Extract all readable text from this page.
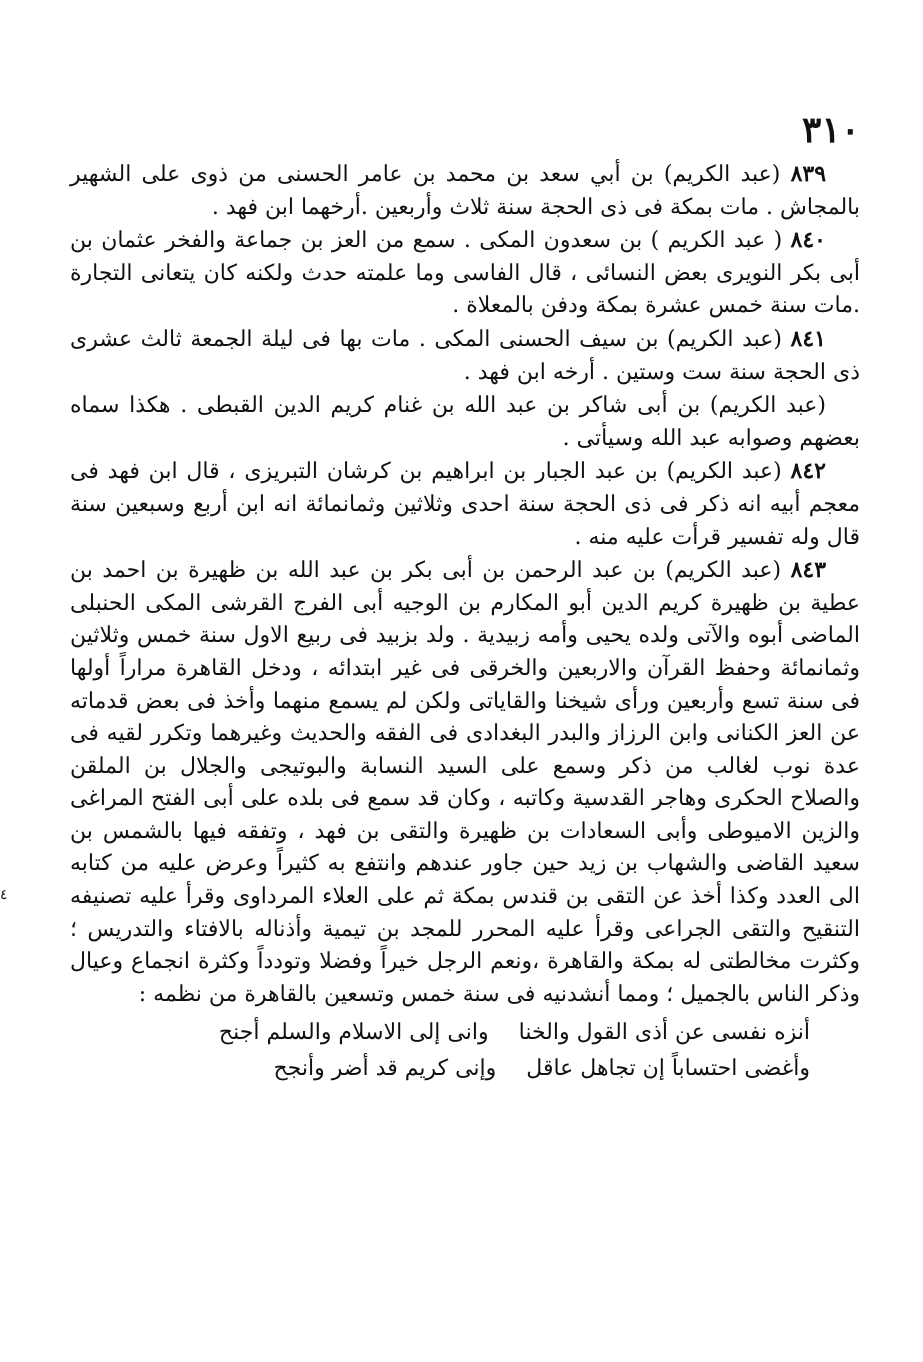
٣١٠

٨٣٩ (عبد الكريم) بن أبي سعد بن محمد بن عامر الحسنى من ذوى على الشهير بالمجاش . مات بمكة فى ذى الحجة سنة ثلاث وأربعين .أرخهما ابن فهد .

٨٤٠ ( عبد الكريم ) بن سعدون المكى . سمع من العز بن جماعة والفخر عثمان بن أبى بكر النويرى بعض النسائى ، قال الفاسى وما علمته حدث ولكنه كان يتعانى التجارة .مات سنة خمس عشرة بمكة ودفن بالمعلاة .

٨٤١ (عبد الكريم) بن سيف الحسنى المكى . مات بها فى ليلة الجمعة ثالث عشرى ذى الحجة سنة ست وستين . أرخه ابن فهد .

(عبد الكريم) بن أبى شاكر بن عبد الله بن غنام كريم الدين القبطى . هكذا سماه بعضهم وصوابه عبد الله وسيأتى .

٨٤٢ (عبد الكريم) بن عبد الجبار بن ابراهيم بن كرشان التبريزى ، قال ابن فهد فى معجم أبيه انه ذكر فى ذى الحجة سنة احدى وثلاثين وثمانمائة انه ابن أربع وسبعين سنة قال وله تفسير قرأت عليه منه .

٨٤٣ (عبد الكريم) بن عبد الرحمن بن أبى بكر بن عبد الله بن ظهيرة بن احمد بن عطية بن ظهيرة كريم الدين أبو المكارم بن الوجيه أبى الفرج القرشى المكى الحنبلى الماضى أبوه والآتى ولده يحيى وأمه زبيدية . ولد بزبيد فى ربيع الاول سنة خمس وثلاثين وثمانمائة وحفظ القرآن والاربعين والخرقى فى غير ابتدائه ، ودخل القاهرة مراراً أولها فى سنة تسع وأربعين ورأى شيخنا والقاياتى ولكن لم يسمع منهما وأخذ فى بعض قدماته عن العز الكنانى وابن الرزاز والبدر البغدادى فى الفقه والحديث وغيرهما وتكرر لقيه فى عدة نوب لغالب من ذكر وسمع على السيد النسابة والبوتيجى والجلال بن الملقن والصلاح الحكرى وهاجر القدسية وكاتبه ، وكان قد سمع فى بلده على أبى الفتح المراغى والزين الاميوطى وأبى السعادات بن ظهيرة والتقى بن فهد ، وتفقه فيها بالشمس بن سعيد القاضى والشهاب بن زيد حين جاور عندهم وانتفع به كثيراً وعرض عليه من كتابه الى العدد وكذا أخذ عن التقى بن قندس بمكة ثم على العلاء المرداوى وقرأ عليه تصنيفه التنقيح والتقى الجراعى وقرأ عليه المحرر للمجد بن تيمية وأذناله بالافتاء والتدريس ؛ وكثرت مخالطتى له بمكة والقاهرة ،ونعم الرجل خيراً وفضلا وتودداً وكثرة انجماع وعيال وذكر الناس بالجميل ؛ ومما أنشدنيه فى سنة خمس وتسعين بالقاهرة من نظمه :

أنزه نفسى عن أذى القول والخنا
وانى إلى الاسلام والسلم أجنح
وأغضى احتساباً إن تجاهل عاقل
وإنى كريم قد أضر وأنجح
٤
